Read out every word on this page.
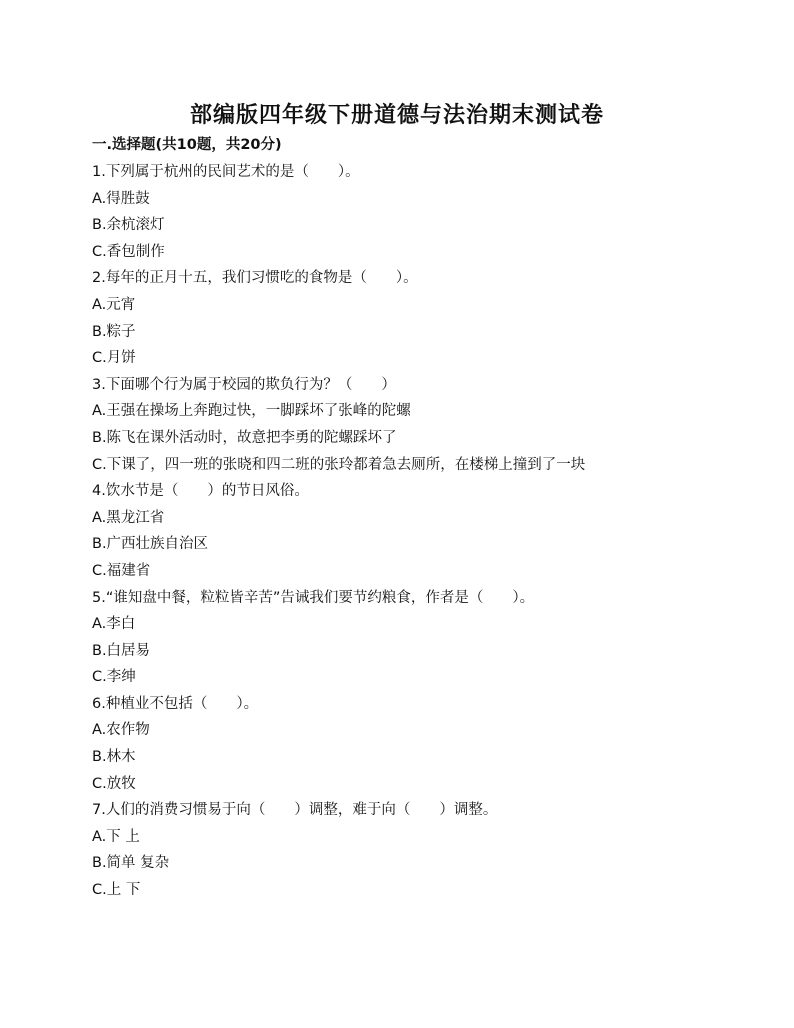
部编版四年级下册道德与法治期末测试卷
一.选择题(共10题，共20分)
1.下列属于杭州的民间艺术的是（　　）。
A.得胜鼓
B.余杭滚灯
C.香包制作
2.每年的正月十五，我们习惯吃的食物是（　　）。
A.元宵
B.粽子
C.月饼
3.下面哪个行为属于校园的欺负行为？（　　）
A.王强在操场上奔跑过快，一脚踩坏了张峰的陀螺
B.陈飞在课外活动时，故意把李勇的陀螺踩坏了
C.下课了，四一班的张晓和四二班的张玲都着急去厕所，在楼梯上撞到了一块
4.饮水节是（　　）的节日风俗。
A.黑龙江省
B.广西壮族自治区
C.福建省
5.“谁知盘中餐，粒粒皆辛苦”告诫我们要节约粮食，作者是（　　）。
A.李白
B.白居易
C.李绅
6.种植业不包括（　　）。
A.农作物
B.林木
C.放牧
7.人们的消费习惯易于向（　　）调整，难于向（　　）调整。
A.下 上
B.简单 复杂
C.上 下
